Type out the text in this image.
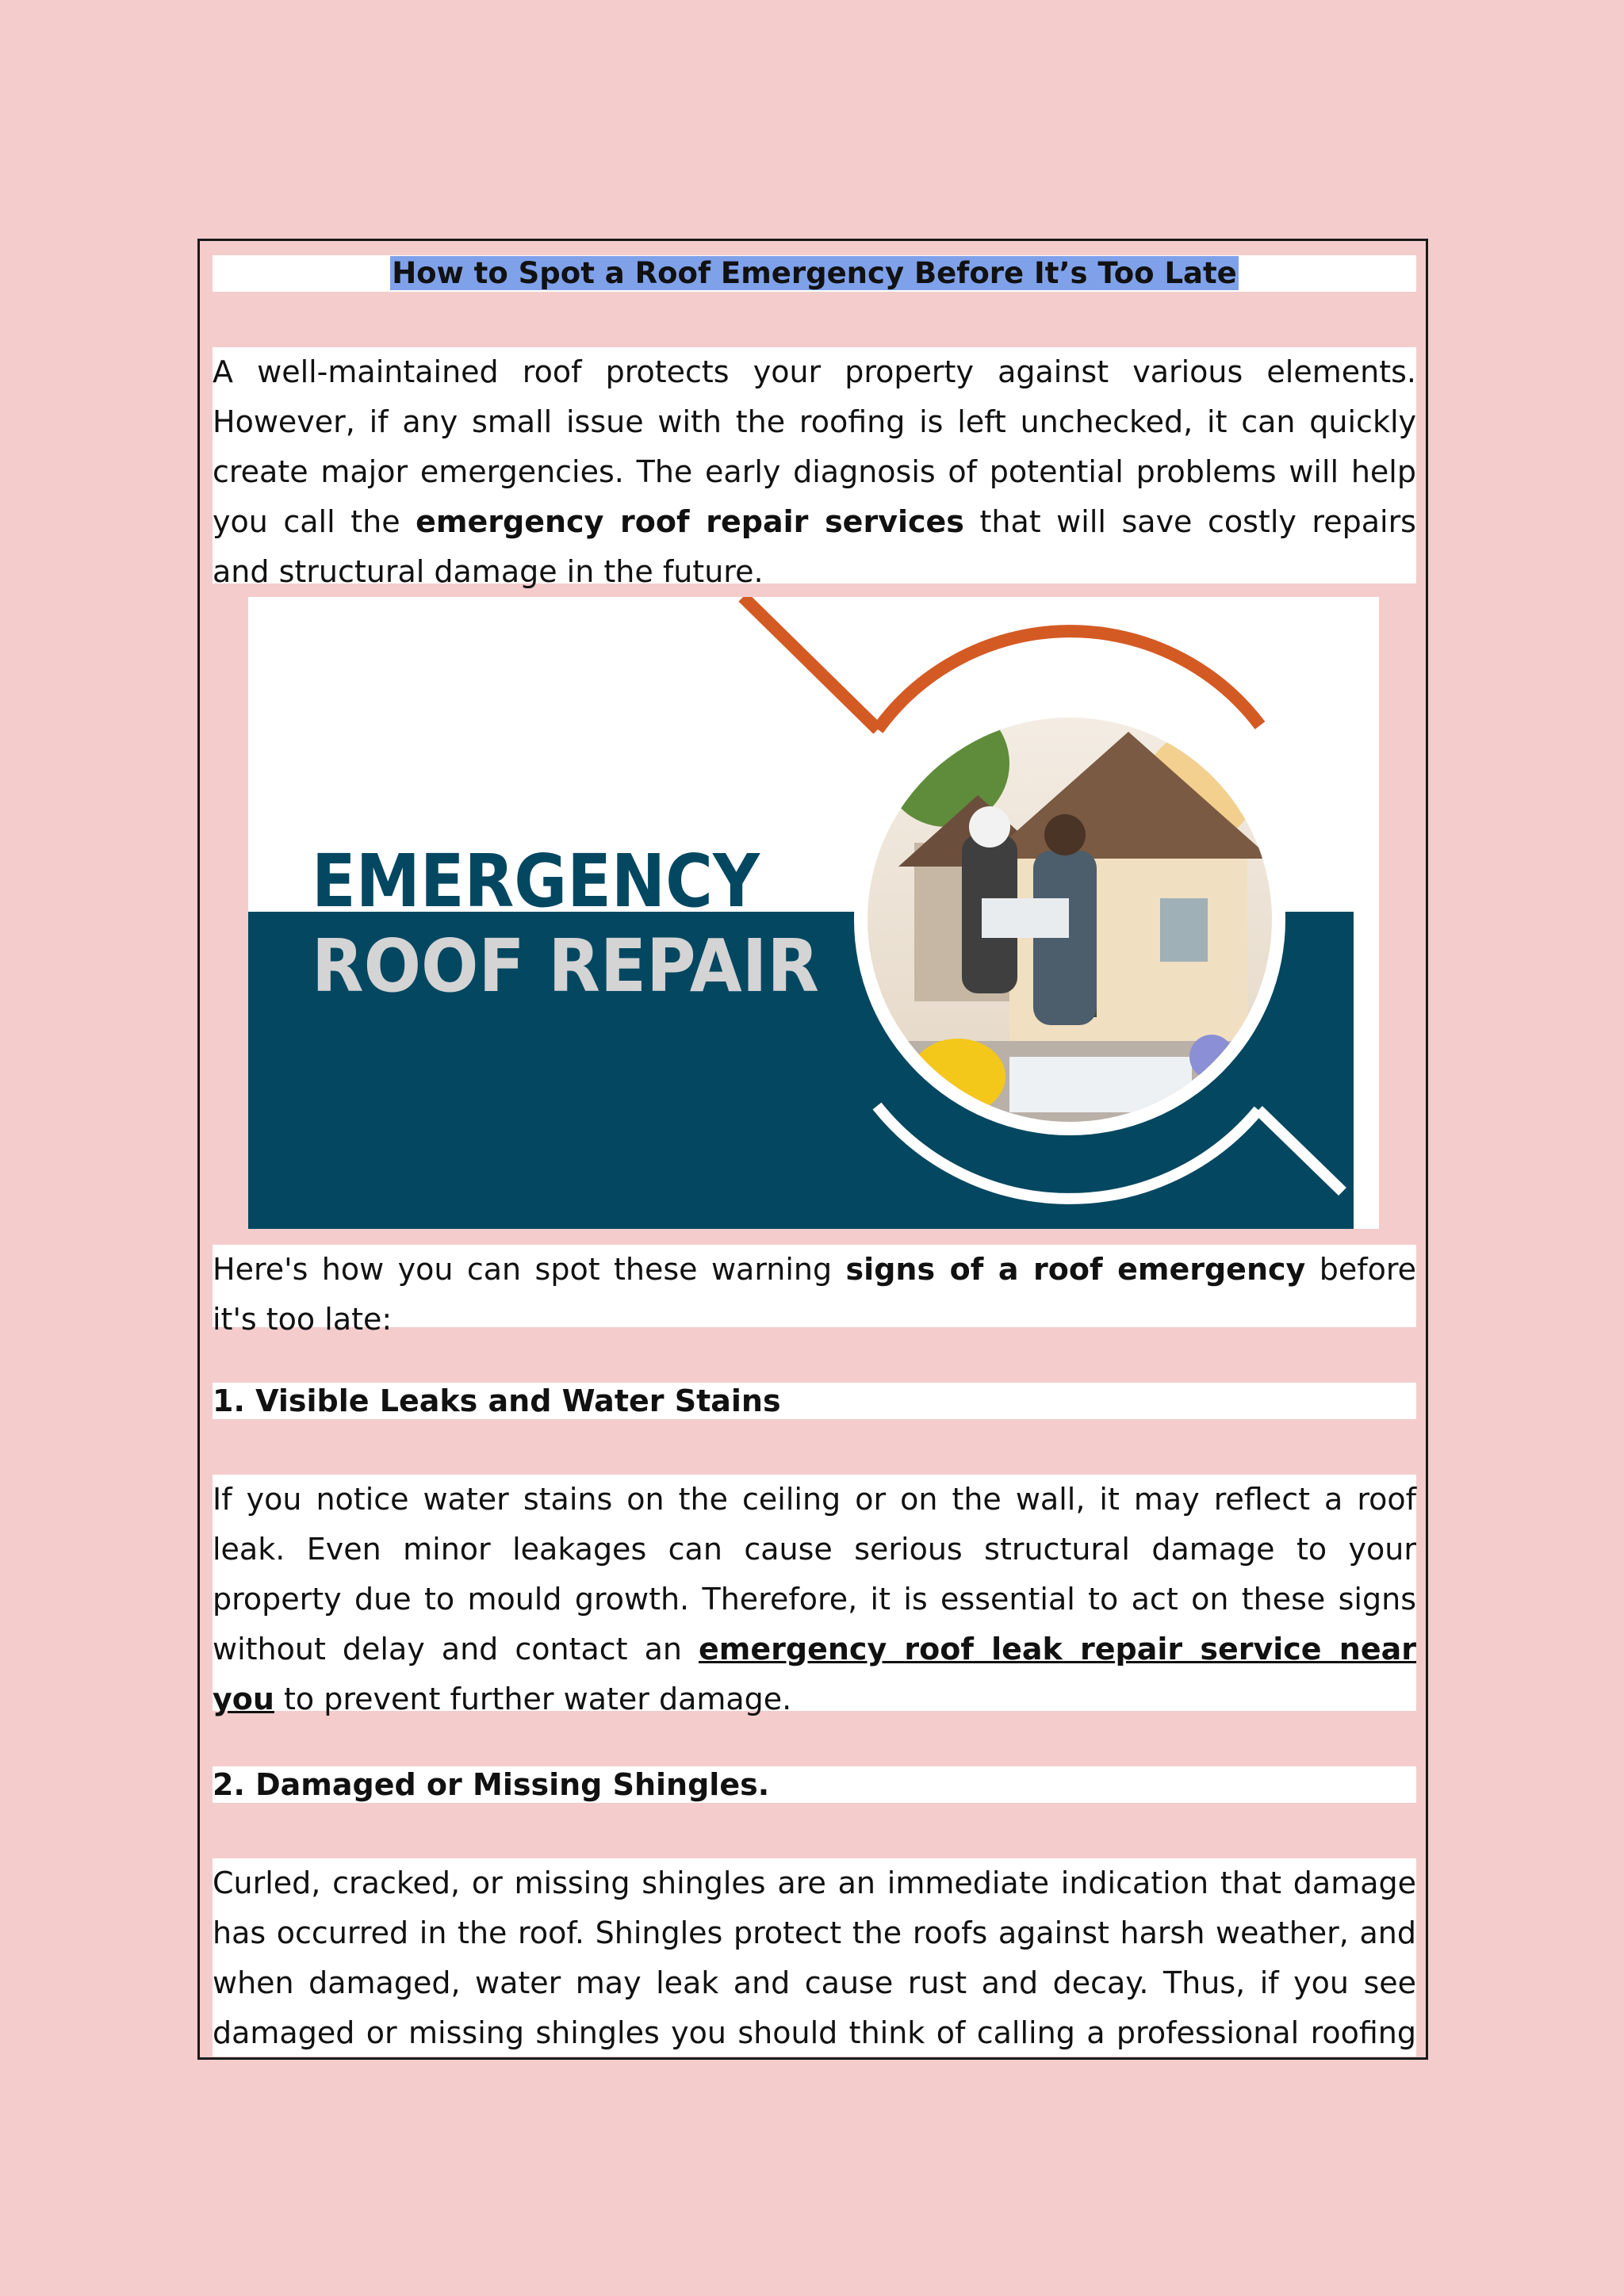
How to Spot a Roof Emergency Before It’s Too Late

A well-maintained roof protects your property against various elements. However, if any small issue with the roofing is left unchecked, it can quickly create major emergencies. The early diagnosis of potential problems will help you call the emergency roof repair services that will save costly repairs and structural damage in the future.

Here's how you can spot these warning signs of a roof emergency before it's too late:

1. Visible Leaks and Water Stains

If you notice water stains on the ceiling or on the wall, it may reflect a roof leak. Even minor leakages can cause serious structural damage to your property due to mould growth. Therefore, it is essential to act on these signs without delay and contact an emergency roof leak repair service near you to prevent further water damage.

2. Damaged or Missing Shingles.

Curled, cracked, or missing shingles are an immediate indication that damage has occurred in the roof. Shingles protect the roofs against harsh weather, and when damaged, water may leak and cause rust and decay. Thus, if you see damaged or missing shingles you should think of calling a professional roofing

EMERGENCY
ROOF REPAIR
